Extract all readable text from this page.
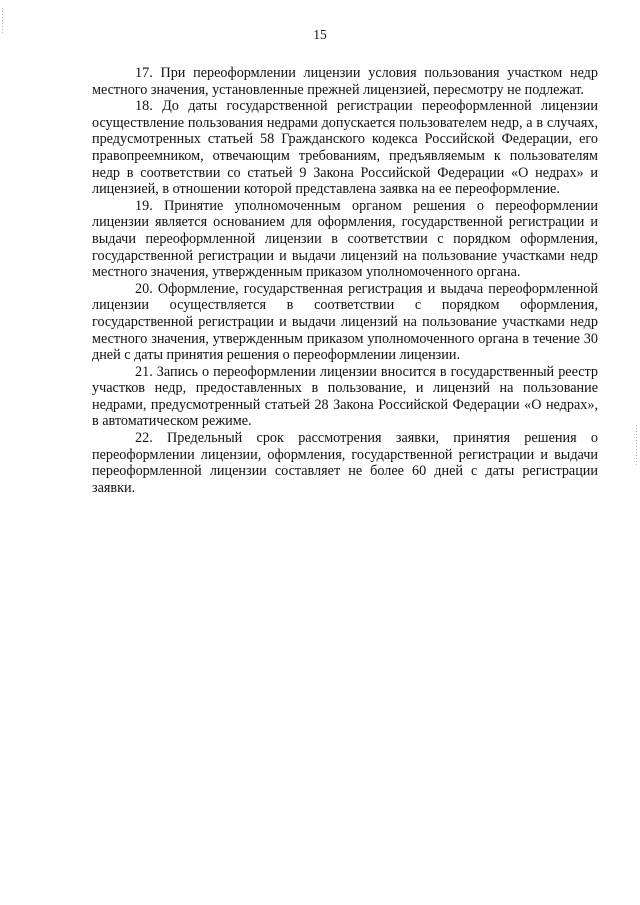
15

17. При переоформлении лицензии условия пользования участком недр местного значения, установленные прежней лицензией, пересмотру не подлежат.

18. До даты государственной регистрации переоформленной лицензии осуществление пользования недрами допускается пользователем недр, а в случаях, предусмотренных статьей 58 Гражданского кодекса Российской Федерации, его правопреемником, отвечающим требованиям, предъявляемым к пользователям недр в соответствии со статьей 9 Закона Российской Федерации «О недрах» и лицензией, в отношении которой представлена заявка на ее переоформление.

19. Принятие уполномоченным органом решения о переоформлении лицензии является основанием для оформления, государственной регистрации и выдачи переоформленной лицензии в соответствии с порядком оформления, государственной регистрации и выдачи лицензий на пользование участками недр местного значения, утвержденным приказом уполномоченного органа.

20. Оформление, государственная регистрация и выдача переоформленной лицензии осуществляется в соответствии с порядком оформления, государственной регистрации и выдачи лицензий на пользование участками недр местного значения, утвержденным приказом уполномоченного органа в течение 30 дней с даты принятия решения о переоформлении лицензии.

21. Запись о переоформлении лицензии вносится в государственный реестр участков недр, предоставленных в пользование, и лицензий на пользование недрами, предусмотренный статьей 28 Закона Российской Федерации «О недрах», в автоматическом режиме.

22. Предельный срок рассмотрения заявки, принятия решения о переоформлении лицензии, оформления, государственной регистрации и выдачи переоформленной лицензии составляет не более 60 дней с даты регистрации заявки.
